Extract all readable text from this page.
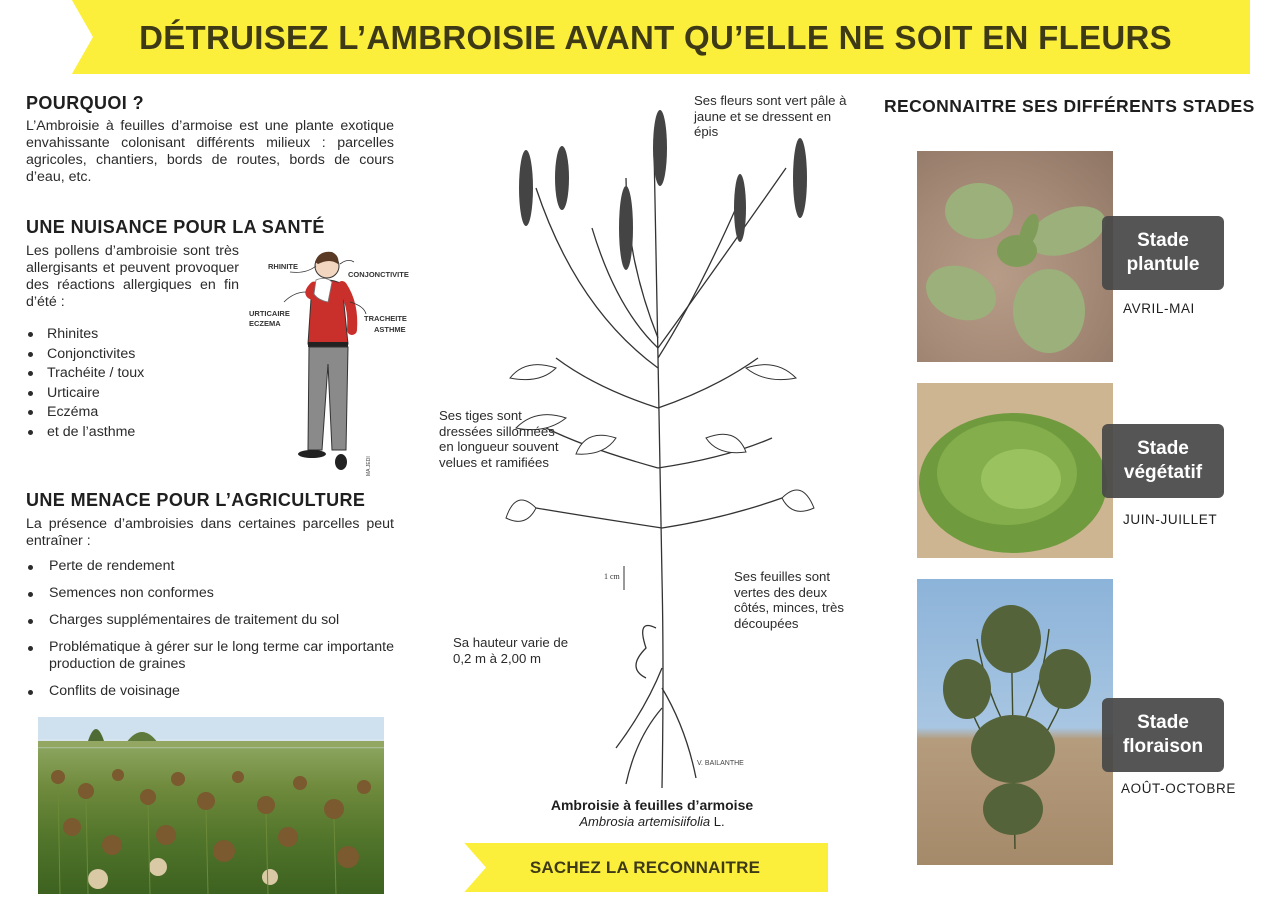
DÉTRUISEZ L’AMBROISIE AVANT QU’ELLE NE SOIT EN FLEURS
POURQUOI ?

L’Ambroisie à feuilles d’armoise est une plante exotique envahissante colonisant différents milieux : parcelles agricoles, chantiers, bords de routes, bords de cours d’eau, etc.

UNE NUISANCE POUR LA SANTÉ

Les pollens d’ambroisie sont très allergisants et peuvent provoquer des réactions allergiques en fin d’été :

Rhinites
Conjonctivites
Trachéite / toux
Urticaire
Eczéma
et de l’asthme
MA.JEDI
RHINITE
CONJONCTIVITE
URTICAIRE
ECZEMA
TRACHEITE
ASTHME
UNE MENACE POUR L’AGRICULTURE

La présence d’ambroisies dans certaines parcelles peut entraîner :

Perte de rendement
Semences non conformes
Charges supplémentaires de traitement du sol
Problématique à gérer sur le long terme car importante production de graines
Conflits de voisinage
1 cm
V. BAILANTHE
Ses fleurs sont vert pâle à jaune et se dressent en épis
Ses tiges sont dressées sillonnées en longueur souvent velues et ramifiées
Ses feuilles sont vertes des deux côtés, minces, très découpées
Sa hauteur varie de 0,2 m à 2,00 m
Ambroisie à feuilles d’armoise
Ambrosia artemisiifolia L.
SACHEZ LA RECONNAITRE
RECONNAITRE SES DIFFÉRENTS STADES
Stade
plantule
AVRIL-MAI
Stade
végétatif
JUIN-JUILLET
Stade
floraison
AOÛT-OCTOBRE
